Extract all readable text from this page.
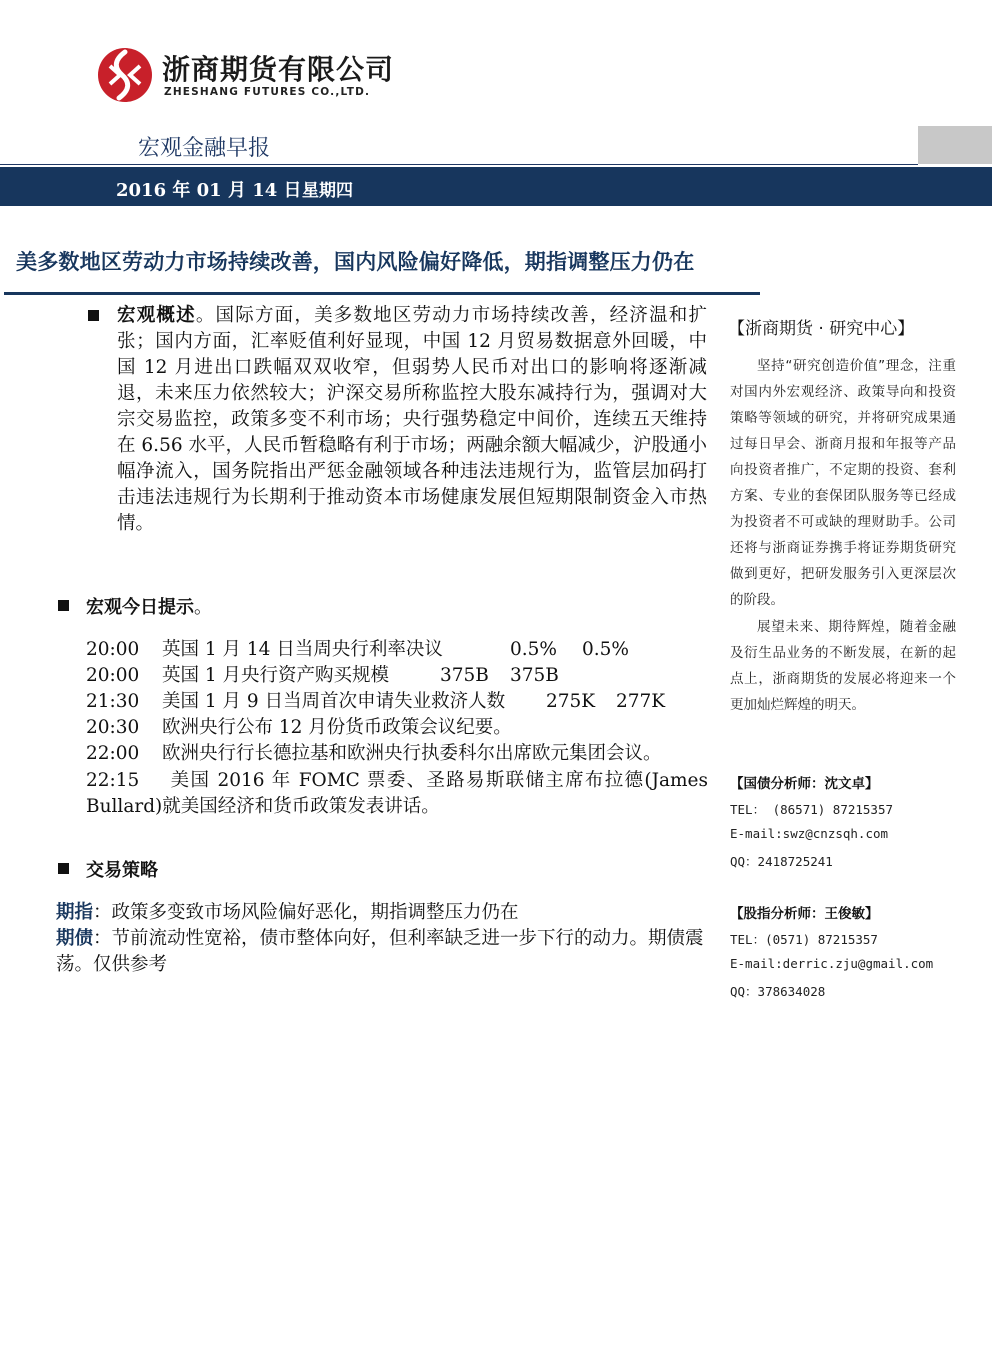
浙商期货有限公司
ZHESHANG FUTURES CO.,LTD.
宏观金融早报
2016 年 01 月 14 日 星期四
美多数地区劳动力市场持续改善，国内风险偏好降低，期指调整压力仍在
宏观概述。国际方面，美多数地区劳动力市场持续改善，经济温和扩张；国内方面，汇率贬值利好显现，中国 12 月贸易数据意外回暖，中国 12 月进出口跌幅双双收窄，但弱势人民币对出口的影响将逐渐减退，未来压力依然较大；沪深交易所称监控大股东减持行为，强调对大宗交易监控，政策多变不利市场；央行强势稳定中间价，连续五天维持在 6.56 水平，人民币暂稳略有利于市场；两融余额大幅减少，沪股通小幅净流入，国务院指出严惩金融领域各种违法违规行为，监管层加码打击违法违规行为长期利于推动资本市场健康发展但短期限制资金入市热情。
宏观今日提示。
20:00 英国 1 月 14 日当周央行利率决议	0.5% 0.5%
20:00 英国 1 月央行资产购买规模	375B 375B
21:30 美国 1 月 9 日当周首次申请失业救济人数 275K 277K
20:30 欧洲央行公布 12 月份货币政策会议纪要。
22:00 欧洲央行行长德拉基和欧洲央行执委科尔出席欧元集团会议。
22:15 美国 2016 年 FOMC 票委、圣路易斯联储主席布拉德(James Bullard)就美国经济和货币政策发表讲话。
交易策略
期指：政策多变致市场风险偏好恶化，期指调整压力仍在
期债：节前流动性宽裕，债市整体向好，但利率缺乏进一步下行的动力。期债震荡。仅供参考
【浙商期货 · 研究中心】
坚持“研究创造价值”理念，注重对国内外宏观经济、政策导向和投资策略等领域的研究，并将研究成果通过每日早会、浙商月报和年报等产品向投资者推广，不定期的投资、套利方案、专业的套保团队服务等已经成为投资者不可或缺的理财助手。公司还将与浙商证券携手将证券期货研究做到更好，把研发服务引入更深层次的阶段。
展望未来、期待辉煌，随着金融及衍生品业务的不断发展，在新的起点上，浙商期货的发展必将迎来一个更加灿烂辉煌的明天。
【国债分析师：沈文卓】
TEL： (86571) 87215357
E-mail:swz@cnzsqh.com
QQ：2418725241
【股指分析师：王俊敏】
TEL：(0571) 87215357
E-mail:derric.zju@gmail.com
QQ：378634028
